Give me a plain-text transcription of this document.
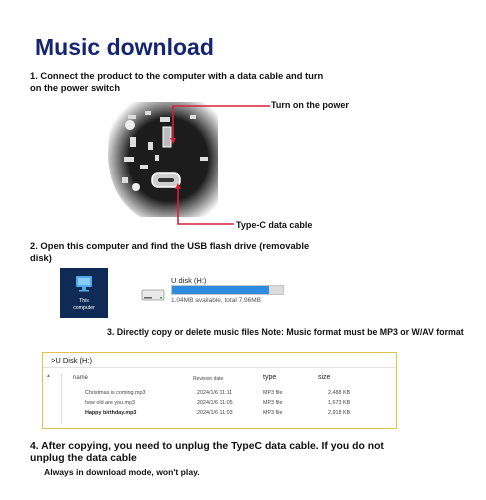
Music download
1. Connect the product to the computer with a data cable and turn on the power switch
Turn on the power
Type-C data cable
2. Open this computer and find the USB flash drive (removable disk)
This
computer
U disk (H:)
1.04MB available, total 7.96MB
3. Directly copy or delete music files Note: Music format must be MP3 or W/AV format
>U Disk (H:)
▲	name	Revision date	type	size
Christmas is coming.mp3	2024/1/6 11:11	MP3 file	2,488 KB
how old are you.mp3	2024/1/6 11:05	MP3 file	1,673 KB
Happy birthday.mp3	2024/1/6 11:03	MP3 file	2,918 KB
4. After copying, you need to unplug the TypeC data cable. If you do not unplug the data cable
Always in download mode, won't play.
